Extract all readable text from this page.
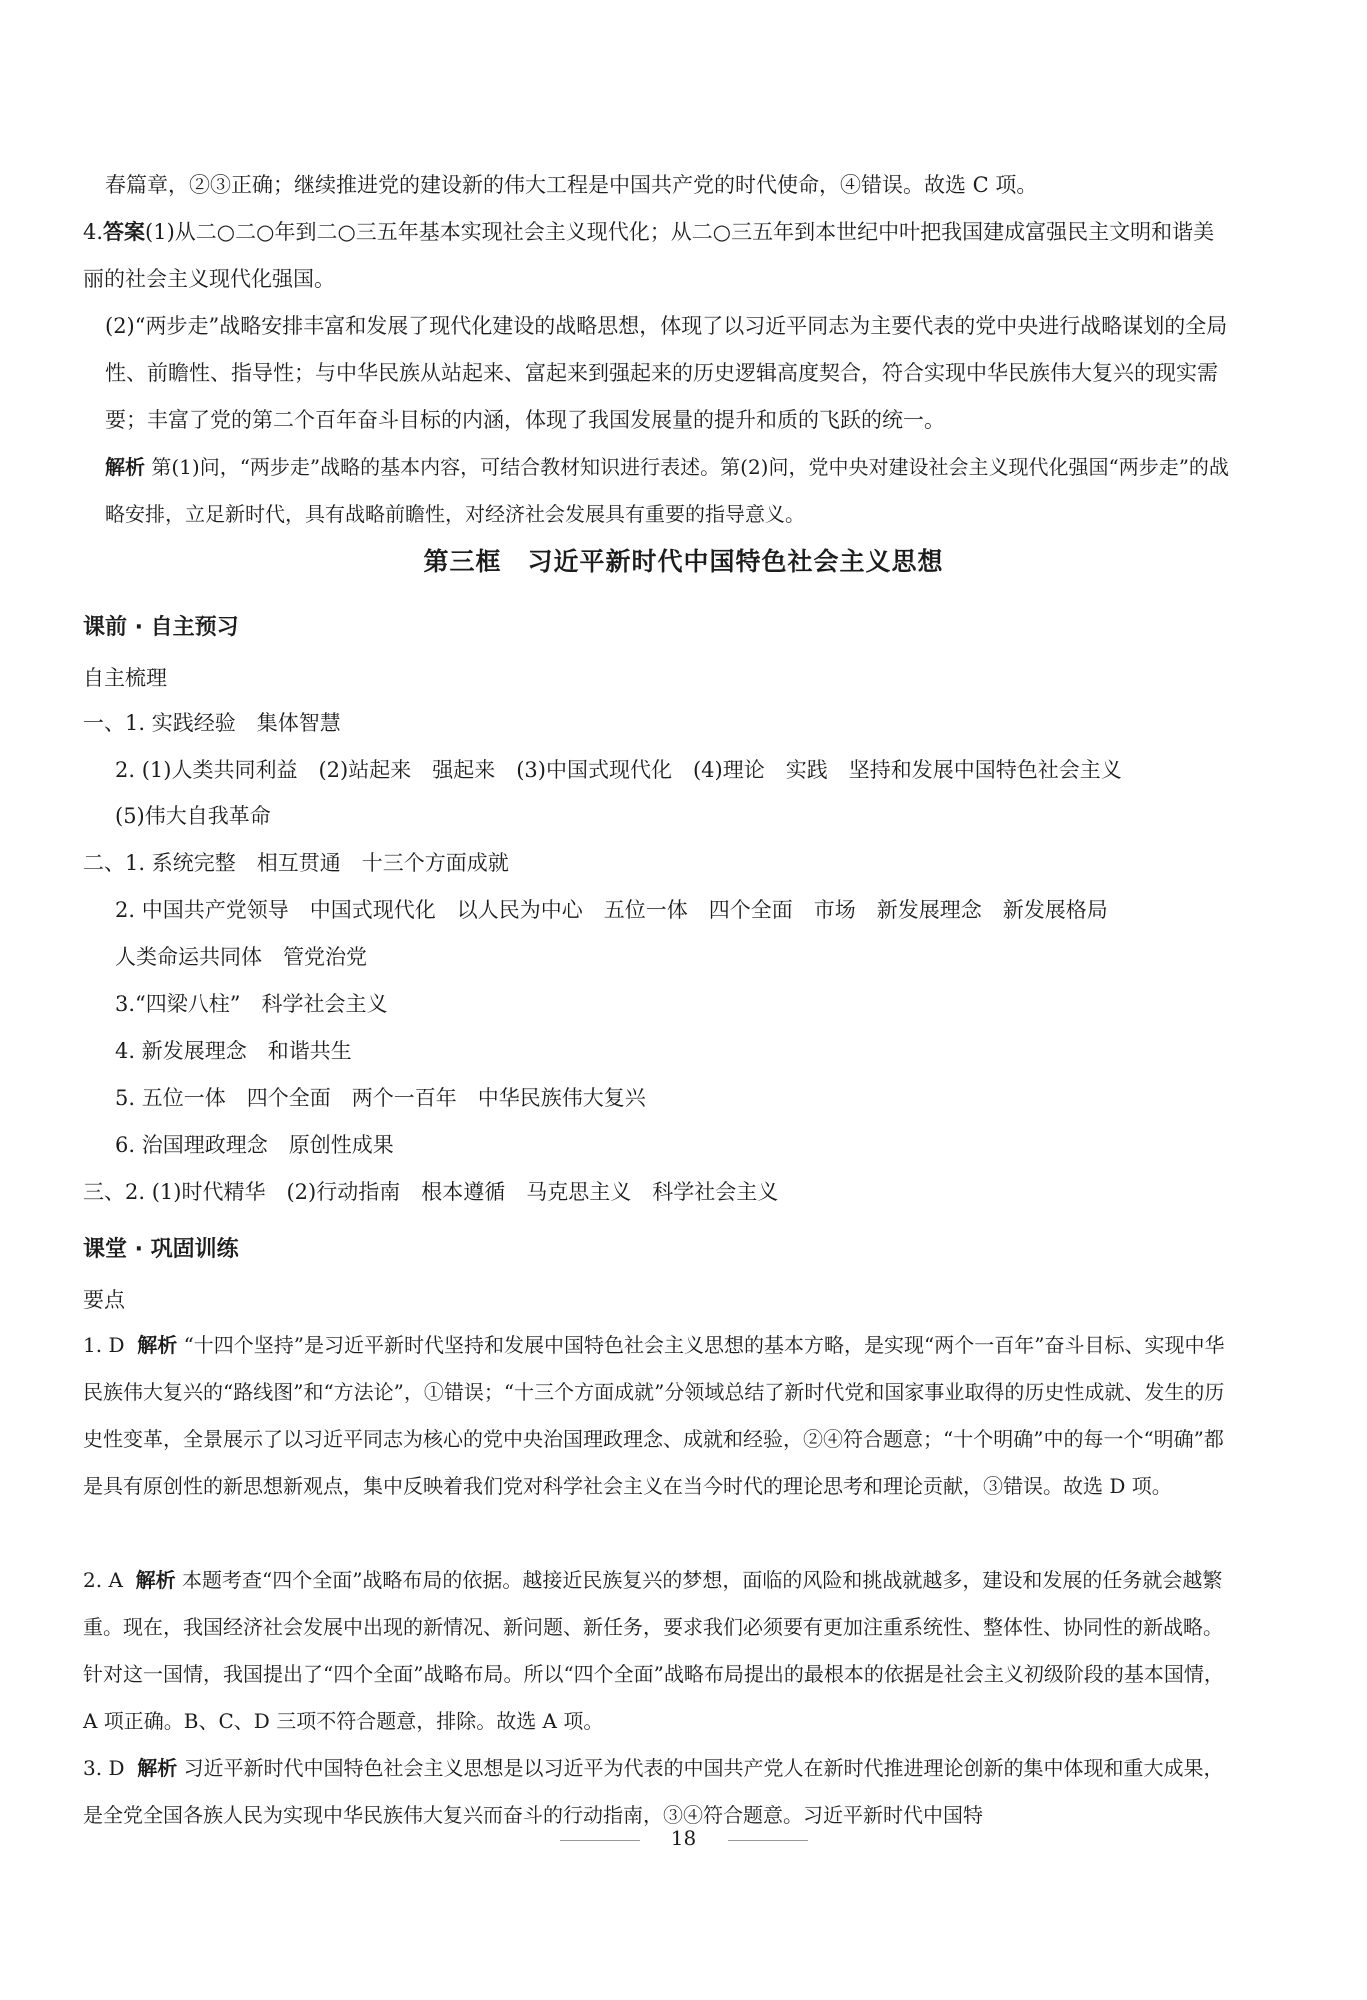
春篇章，②③正确；继续推进党的建设新的伟大工程是中国共产党的时代使命，④错误。故选 C 项。

4.答案(1)从二○二○年到二○三五年基本实现社会主义现代化；从二○三五年到本世纪中叶把我国建成富强民主文明和谐美丽的社会主义现代化强国。

(2)“两步走”战略安排丰富和发展了现代化建设的战略思想，体现了以习近平同志为主要代表的党中央进行战略谋划的全局性、前瞻性、指导性；与中华民族从站起来、富起来到强起来的历史逻辑高度契合，符合实现中华民族伟大复兴的现实需要；丰富了党的第二个百年奋斗目标的内涵，体现了我国发展量的提升和质的飞跃的统一。

解析 第(1)问，“两步走”战略的基本内容，可结合教材知识进行表述。第(2)问，党中央对建设社会主义现代化强国“两步走”的战略安排，立足新时代，具有战略前瞻性，对经济社会发展具有重要的指导意义。

第三框　习近平新时代中国特色社会主义思想
课前 · 自主预习
自主梳理
一、1. 实践经验　集体智慧
2. (1)人类共同利益　(2)站起来　强起来　(3)中国式现代化　(4)理论　实践　坚持和发展中国特色社会主义
(5)伟大自我革命
二、1. 系统完整　相互贯通　十三个方面成就
2. 中国共产党领导　中国式现代化　以人民为中心　五位一体　四个全面　市场　新发展理念　新发展格局
人类命运共同体　管党治党
3.“四梁八柱”　科学社会主义
4. 新发展理念　和谐共生
5. 五位一体　四个全面　两个一百年　中华民族伟大复兴
6. 治国理政理念　原创性成果
三、2. (1)时代精华　(2)行动指南　根本遵循　马克思主义　科学社会主义
课堂 · 巩固训练
要点

1. D 解析 “十四个坚持”是习近平新时代坚持和发展中国特色社会主义思想的基本方略，是实现“两个一百年”奋斗目标、实现中华民族伟大复兴的“路线图”和“方法论”，①错误；“十三个方面成就”分领域总结了新时代党和国家事业取得的历史性成就、发生的历史性变革，全景展示了以习近平同志为核心的党中央治国理政理念、成就和经验，②④符合题意；“十个明确”中的每一个“明确”都是具有原创性的新思想新观点，集中反映着我们党对科学社会主义在当今时代的理论思考和理论贡献，③错误。故选 D 项。

2. A 解析 本题考查“四个全面”战略布局的依据。越接近民族复兴的梦想，面临的风险和挑战就越多，建设和发展的任务就会越繁重。现在，我国经济社会发展中出现的新情况、新问题、新任务，要求我们必须要有更加注重系统性、整体性、协同性的新战略。针对这一国情，我国提出了“四个全面”战略布局。所以“四个全面”战略布局提出的最根本的依据是社会主义初级阶段的基本国情，A 项正确。B、C、D 三项不符合题意，排除。故选 A 项。

3. D 解析 习近平新时代中国特色社会主义思想是以习近平为代表的中国共产党人在新时代推进理论创新的集中体现和重大成果，是全党全国各族人民为实现中华民族伟大复兴而奋斗的行动指南，③④符合题意。习近平新时代中国特

18
